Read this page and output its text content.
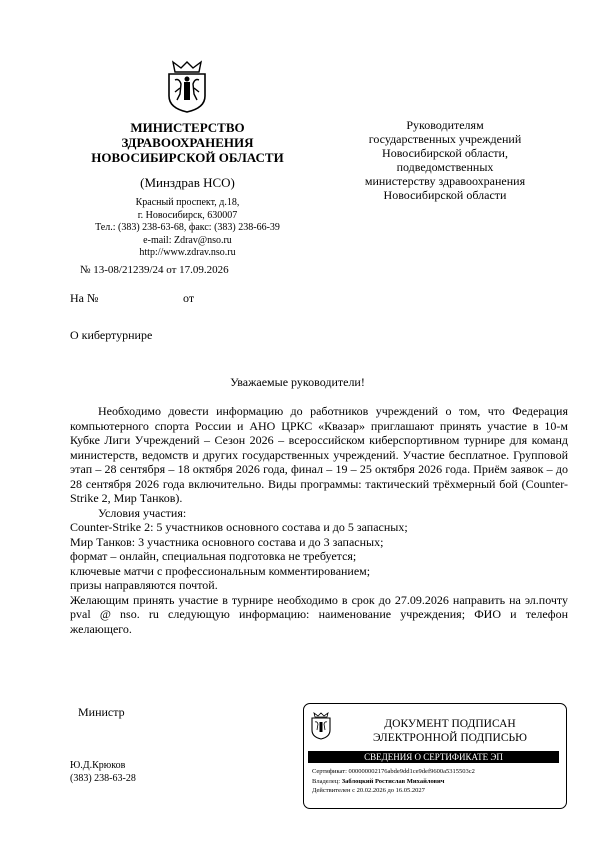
МИНИСТЕРСТВО
ЗДРАВООХРАНЕНИЯ
НОВОСИБИРСКОЙ ОБЛАСТИ
(Минздрав НСО)
Красный проспект, д.18,
г. Новосибирск, 630007
Тел.: (383) 238-63-68, факс: (383) 238-66-39
e-mail: Zdrav@nso.ru
http://www.zdrav.nso.ru
№ 13-08/21239/24 от 17.09.2026
Руководителям
государственных учреждений
Новосибирской области,
подведомственных
министерству здравоохранения
Новосибирской области
На №	от
О кибертурнире
Уважаемые руководители!

Необходимо довести информацию до работников учреждений о том, что Федерация компьютерного спорта России и АНО ЦРКС «Квазар» приглашают принять участие в 10-м Кубке Лиги Учреждений – Сезон 2026 – всероссийском киберспортивном турнире для команд министерств, ведомств и других государственных учреждений. Участие бесплатное. Групповой этап – 28 сентября – 18 октября 2026 года, финал – 19 – 25 октября 2026 года. Приём заявок – до 28 сентября 2026 года включительно. Виды программы: тактический трёхмерный бой (Counter-Strike 2, Мир Танков).

Условия участия:

Counter-Strike 2: 5 участников основного состава и до 5 запасных;

Мир Танков: 3 участника основного состава и до 3 запасных;

формат – онлайн, специальная подготовка не требуется;

ключевые матчи с профессиональным комментированием;

призы направляются почтой.

Желающим принять участие в турнире необходимо в срок до 27.09.2026 направить на эл.почту pval @ nso. ru следующую информацию: наименование учреждения; ФИО и телефон желающего.

Министр
ДОКУМЕНТ ПОДПИСАН
ЭЛЕКТРОННОЙ ПОДПИСЬЮ
СВЕДЕНИЯ О СЕРТИФИКАТЕ ЭП
Сертификат: 000000002176abde9dd1ce9def9600a5315503c2
Владелец: Заблоцкий Ростислав Михайлович
Действителен с 20.02.2026 до 16.05.2027
Ю.Д.Крюков
(383) 238-63-28
